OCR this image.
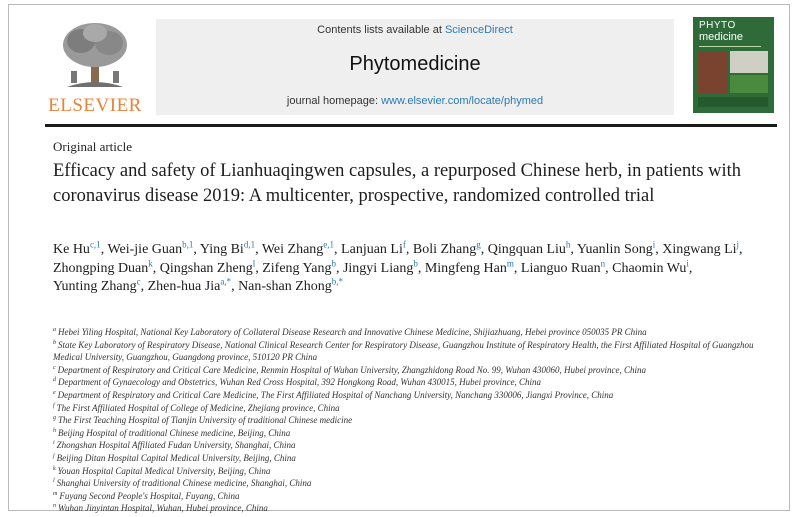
ELSEVIER
Contents lists available at ScienceDirect
Phytomedicine
journal homepage: www.elsevier.com/locate/phymed
PHYTO
medicine
Original article
Efficacy and safety of Lianhuaqingwen capsules, a repurposed Chinese herb, in patients with coronavirus disease 2019: A multicenter, prospective, randomized controlled trial
Ke Hu$^{c,1}$, Wei-jie Guan$^{b,1}$, Ying Bi$^{d,1}$, Wei Zhang$^{e,1}$, Lanjuan Li$^f$, Boli Zhang$^g$, Qingquan Liu$^h$, Yuanlin Song$^i$, Xingwang Li$^j$, Zhongping Duan$^k$, Qingshan Zheng$^l$, Zifeng Yang$^b$, Jingyi Liang$^b$, Mingfeng Han$^m$, Lianguo Ruan$^n$, Chaomin Wu$^i$, Yunting Zhang$^c$, Zhen-hua Jia$^{a,*}$, Nan-shan Zhong$^{b,*}$
$^a$ Hebei Yiling Hospital, National Key Laboratory of Collateral Disease Research and Innovative Chinese Medicine, Shijiazhuang, Hebei province 050035 PR China
$^b$ State Key Laboratory of Respiratory Disease, National Clinical Research Center for Respiratory Disease, Guangzhou Institute of Respiratory Health, the First Affiliated Hospital of Guangzhou Medical University, Guangzhou, Guangdong province, 510120 PR China
$^c$ Department of Respiratory and Critical Care Medicine, Renmin Hospital of Wuhan University, Zhangzhidong Road No. 99, Wuhan 430060, Hubei province, China
$^d$ Department of Gynaecology and Obstetrics, Wuhan Red Cross Hospital, 392 Hongkong Road, Wuhan 430015, Hubei province, China
$^e$ Department of Respiratory and Critical Care Medicine, The First Affiliated Hospital of Nanchang University, Nanchang 330006, Jiangxi Province, China
$^f$ The First Affiliated Hospital of College of Medicine, Zhejiang province, China
$^g$ The First Teaching Hospital of Tianjin University of traditional Chinese medicine
$^h$ Beijing Hospital of traditional Chinese medicine, Beijing, China
$^i$ Zhongshan Hospital Affiliated Fudan University, Shanghai, China
$^j$ Beijing Ditan Hospital Capital Medical University, Beijing, China
$^k$ Youan Hospital Capital Medical University, Beijing, China
$^l$ Shanghai University of traditional Chinese medicine, Shanghai, China
$^m$ Fuyang Second People's Hospital, Fuyang, China
$^n$ Wuhan Jinyintan Hospital, Wuhan, Hubei province, China
